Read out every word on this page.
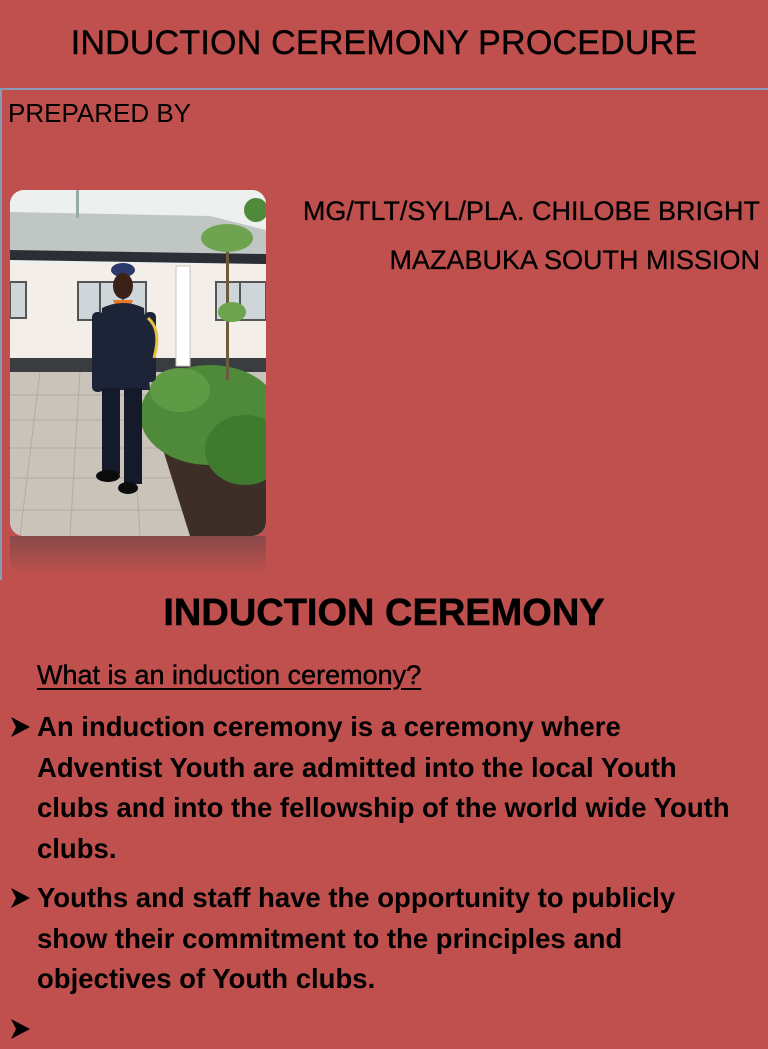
INDUCTION CEREMONY PROCEDURE

PREPARED BY

MG/TLT/SYL/PLA. CHILOBE BRIGHT

MAZABUKA SOUTH MISSION

INDUCTION CEREMONY

What is an induction ceremony?

An induction ceremony is a ceremony where Adventist Youth are admitted into the local Youth clubs and into the fellowship of the world wide Youth clubs.
Youths and staff have the opportunity to publicly show their commitment to the principles and objectives of Youth clubs.
